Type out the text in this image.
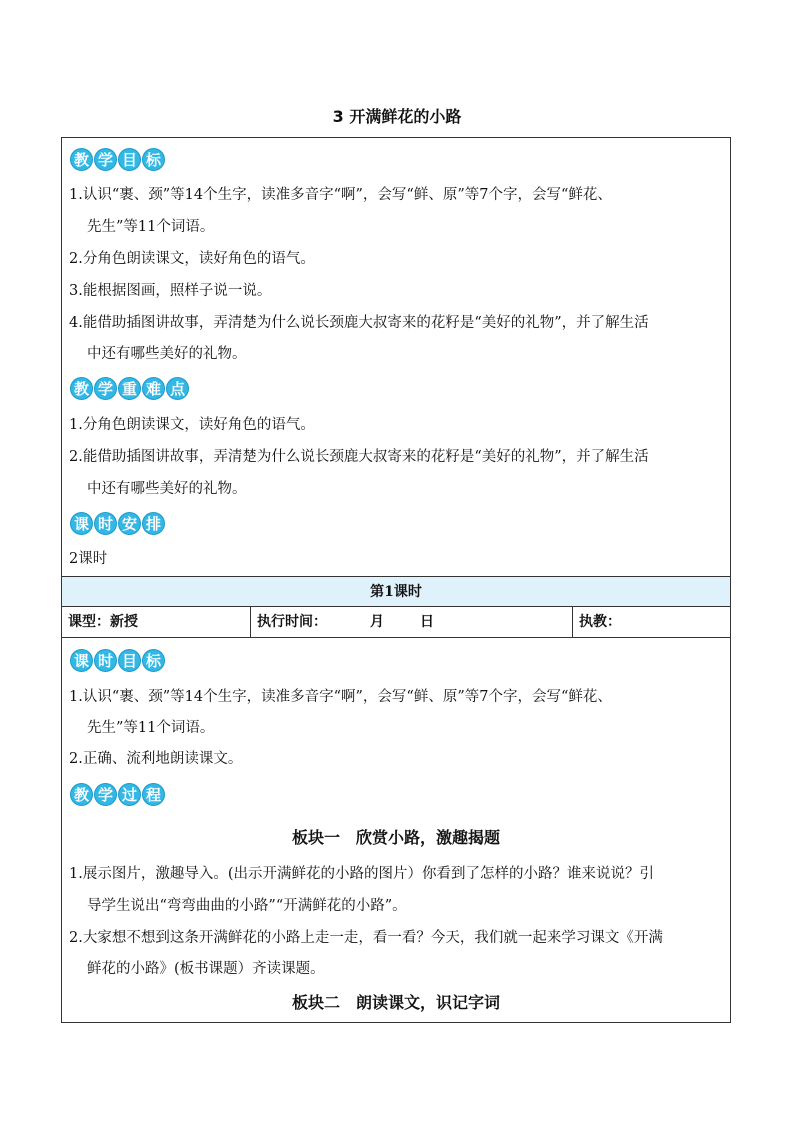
3 开满鲜花的小路
教 学 目 标
1.认识“裹、颈”等14个生字，读准多音字“啊”，会写“鲜、原”等7个字，会写“鲜花、
先生”等11个词语。
2.分角色朗读课文，读好角色的语气。
3.能根据图画，照样子说一说。
4.能借助插图讲故事，弄清楚为什么说长颈鹿大叔寄来的花籽是“美好的礼物”，并了解生活
中还有哪些美好的礼物。
教 学 重 难 点
1.分角色朗读课文，读好角色的语气。
2.能借助插图讲故事，弄清楚为什么说长颈鹿大叔寄来的花籽是“美好的礼物”，并了解生活
中还有哪些美好的礼物。
课 时 安 排
2课时
第1课时
课型：新授	执行时间：	月	日	执教：
课 时 目 标
1.认识“裹、颈”等14个生字，读准多音字“啊”，会写“鲜、原”等7个字，会写“鲜花、
先生”等11个词语。
2.正确、流利地朗读课文。
教 学 过 程
板块一　欣赏小路，激趣揭题
1.展示图片，激趣导入。(出示开满鲜花的小路的图片）你看到了怎样的小路？谁来说说？引
导学生说出“弯弯曲曲的小路”“开满鲜花的小路”。
2.大家想不想到这条开满鲜花的小路上走一走，看一看？今天，我们就一起来学习课文《开满
鲜花的小路》(板书课题）齐读课题。
板块二　朗读课文，识记字词
